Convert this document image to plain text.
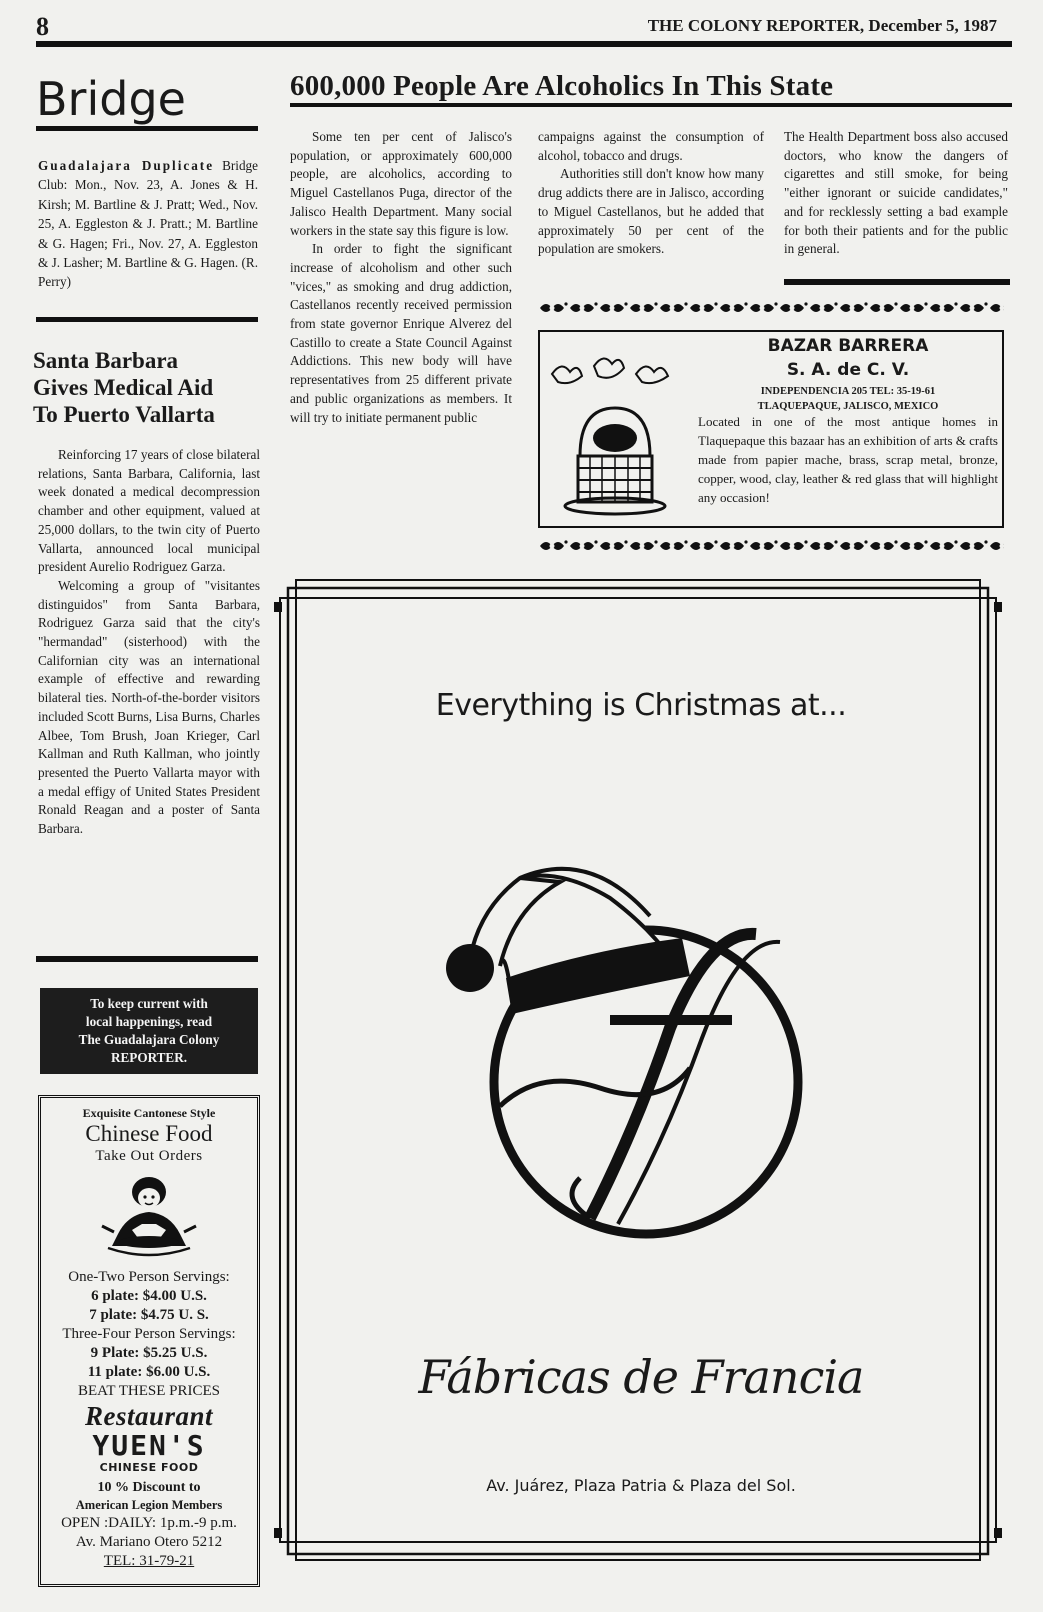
8	THE COLONY REPORTER, December 5, 1987
Bridge
Guadalajara Duplicate Bridge Club: Mon., Nov. 23, A. Jones & H. Kirsh; M. Bartline & J. Pratt; Wed., Nov. 25, A. Eggleston & J. Pratt.; M. Bartline & G. Hagen; Fri., Nov. 27, A. Eggleston & J. Lasher; M. Bartline & G. Hagen. (R. Perry)
Santa Barbara
Gives Medical Aid
To Puerto Vallarta

Reinforcing 17 years of close bilateral relations, Santa Barbara, California, last week donated a medical decompression chamber and other equipment, valued at 25,000 dollars, to the twin city of Puerto Vallarta, announced local municipal president Aurelio Rodriguez Garza.

Welcoming a group of "visitantes distinguidos" from Santa Barbara, Rodriguez Garza said that the city's "hermandad" (sisterhood) with the Californian city was an international example of effective and rewarding bilateral ties. North-of-the-border visitors included Scott Burns, Lisa Burns, Charles Albee, Tom Brush, Joan Krieger, Carl Kallman and Ruth Kallman, who jointly presented the Puerto Vallarta mayor with a medal effigy of United States President Ronald Reagan and a poster of Santa Barbara.

To keep current with
local happenings, read
The Guadalajara Colony
REPORTER.
Exquisite Cantonese Style
Chinese Food
Take Out Orders
One-Two Person Servings:
6 plate: $4.00 U.S.
7 plate: $4.75 U. S.
Three-Four Person Servings:
9 Plate: $5.25 U.S.
11 plate: $6.00 U.S.
BEAT THESE PRICES
Restaurant
YUEN'S
CHINESE FOOD
10 % Discount to
American Legion Members
OPEN :DAILY: 1p.m.-9 p.m.
Av. Mariano Otero 5212
TEL: 31-79-21
600,000 People Are Alcoholics In This State

Some ten per cent of Jalisco's population, or approximately 600,000 people, are alcoholics, according to Miguel Castellanos Puga, director of the Jalisco Health Department. Many social workers in the state say this figure is low.

In order to fight the significant increase of alcoholism and other such "vices," as smoking and drug addiction, Castellanos recently received permission from state governor Enrique Alverez del Castillo to create a State Council Against Addictions. This new body will have representatives from 25 different private and public organizations as members. It will try to initiate permanent public

campaigns against the consumption of alcohol, tobacco and drugs.

Authorities still don't know how many drug addicts there are in Jalisco, according to Miguel Castellanos, but he added that approximately 50 per cent of the population are smokers.

The Health Department boss also accused doctors, who know the dangers of cigarettes and still smoke, for being "either ignorant or suicide candidates," and for recklessly setting a bad example for both their patients and for the public in general.

BAZAR BARRERA
S. A. de C. V.
INDEPENDENCIA 205 TEL: 35-19-61
TLAQUEPAQUE, JALISCO, MEXICO
Located in one of the most antique homes in Tlaquepaque this bazaar has an exhibition of arts & crafts made from papier mache, brass, scrap metal, bronze, copper, wood, clay, leather & red glass that will highlight any occasion!
Everything is Christmas at...
Fábricas de Francia
Av. Juárez, Plaza Patria & Plaza del Sol.
